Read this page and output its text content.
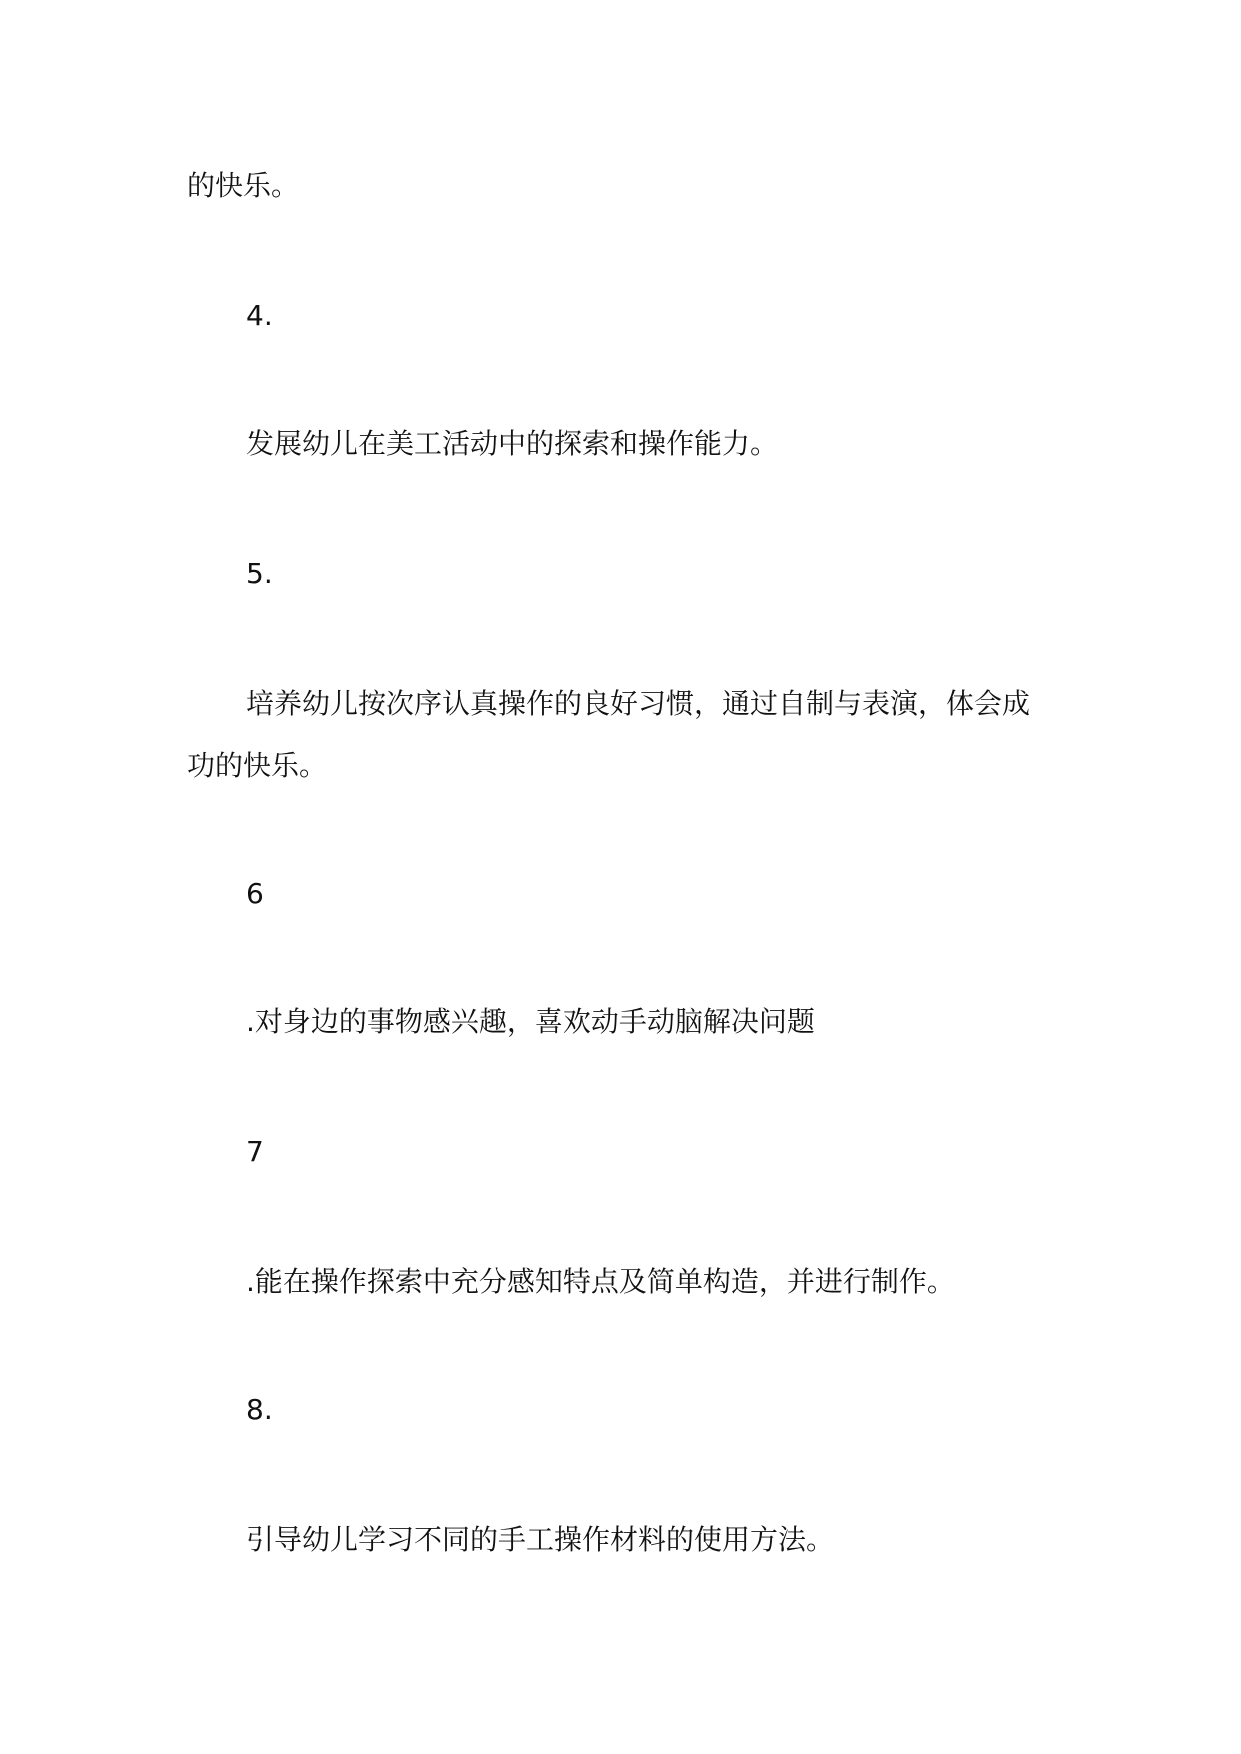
的快乐。
4.
发展幼儿在美工活动中的探索和操作能力。
5.
培养幼儿按次序认真操作的良好习惯，通过自制与表演，体会成
功的快乐。
6
.对身边的事物感兴趣，喜欢动手动脑解决问题
7
.能在操作探索中充分感知特点及简单构造，并进行制作。
8.
引导幼儿学习不同的手工操作材料的使用方法。
